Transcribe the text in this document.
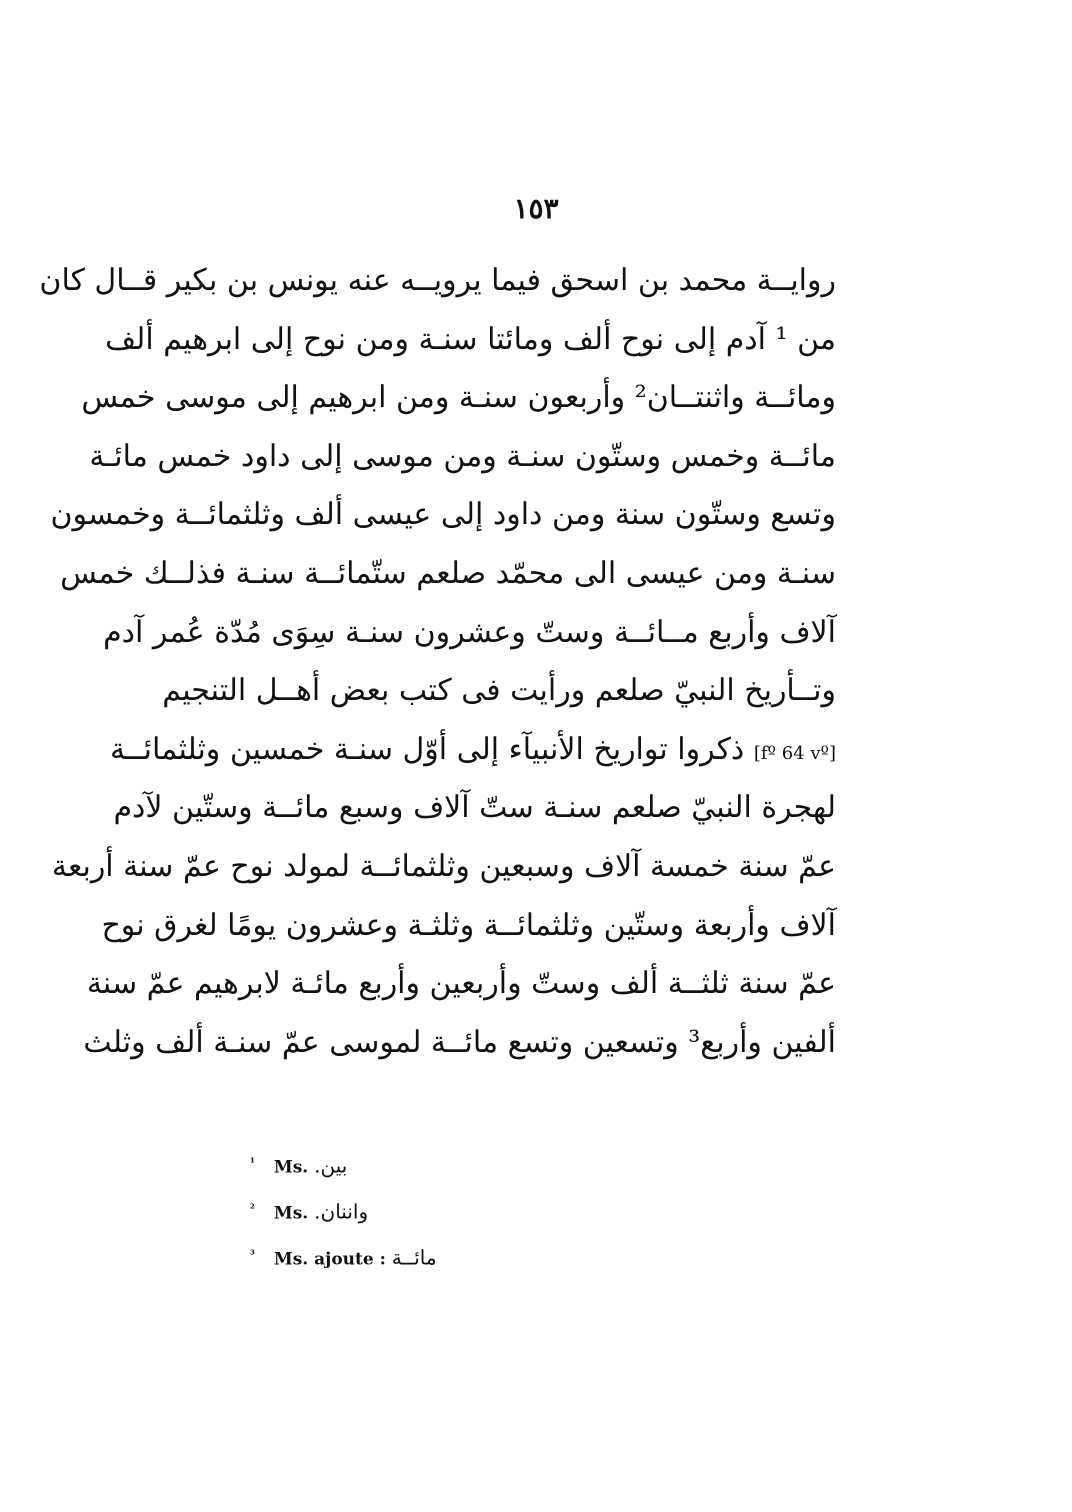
١٥٣
روايــة محمد بن اسحق فيما يرويــه عنه يونس بن بكير قــال كان
من ¹ آدم إلى نوح ألف ومائتا سنـة ومن نوح إلى ابرهيم ألف
ومائــة واثنتــان² وأربعون سنـة ومن ابرهيم إلى موسى خمس
مائــة وخمس وستّون سنـة ومن موسى إلى داود خمس مائـة
وتسع وستّون سنة ومن داود إلى عيسى ألف وثلثمائــة وخمسون
سنـة ومن عيسى الى محمّد صلعم ستّمائــة سنـة فذلــك خمس
آلاف وأربع مــائــة وستّ وعشرون سنـة سِوَى مُدّة عُمر آدم
وتــأريخ النبيّ صلعم ورأيت فى كتب بعض أهــل التنجيم
[fº 64 vº] ذكروا تواريخ الأنبيآء إلى أوّل سنـة خمسين وثلثمائــة
لهجرة النبيّ صلعم سنـة ستّ آلاف وسبع مائــة وستّين لآدم
عمّ سنة خمسة آلاف وسبعين وثلثمائــة لمولد نوح عمّ سنة أربعة
آلاف وأربعة وستّين وثلثمائــة وثلثـة وعشرون يومًا لغرق نوح
عمّ سنة ثلثــة ألف وستّ وأربعين وأربع مائـة لابرهيم عمّ سنة
ألفين وأربع³ وتسعين وتسع مائــة لموسى عمّ سنـة ألف وثلث
¹ Ms. بين.
² Ms. واننان.
³ Ms. ajoute : مائــة
